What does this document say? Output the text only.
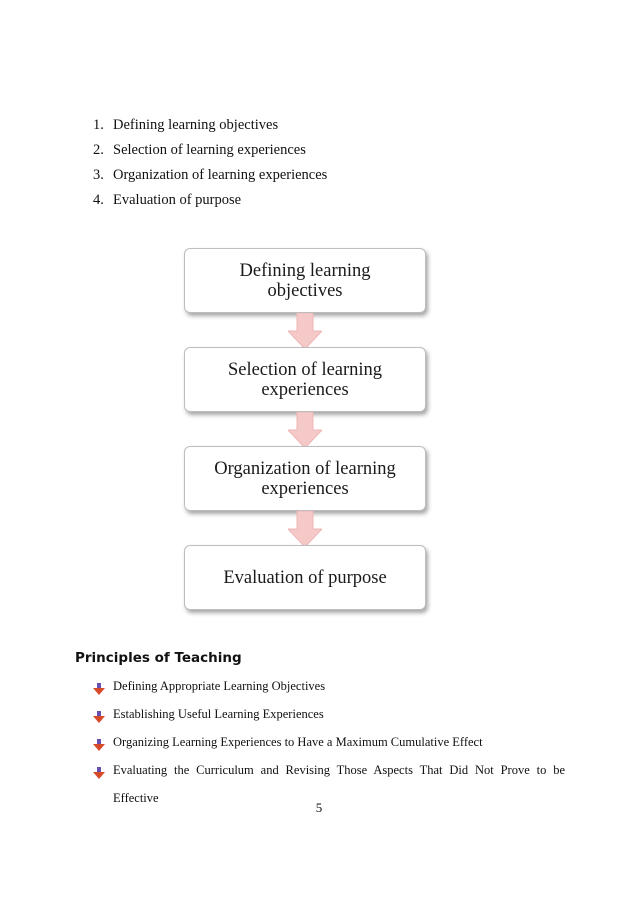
1. Defining learning objectives
2. Selection of learning experiences
3. Organization of learning experiences
4. Evaluation of purpose
Defining learning objectives
Selection of learning experiences
Organization of learning experiences
Evaluation of purpose
Principles of Teaching
Defining Appropriate Learning Objectives
Establishing Useful Learning Experiences
Organizing Learning Experiences to Have a Maximum Cumulative Effect
Evaluating the Curriculum and Revising Those Aspects That Did Not Prove to be
Effective
5
